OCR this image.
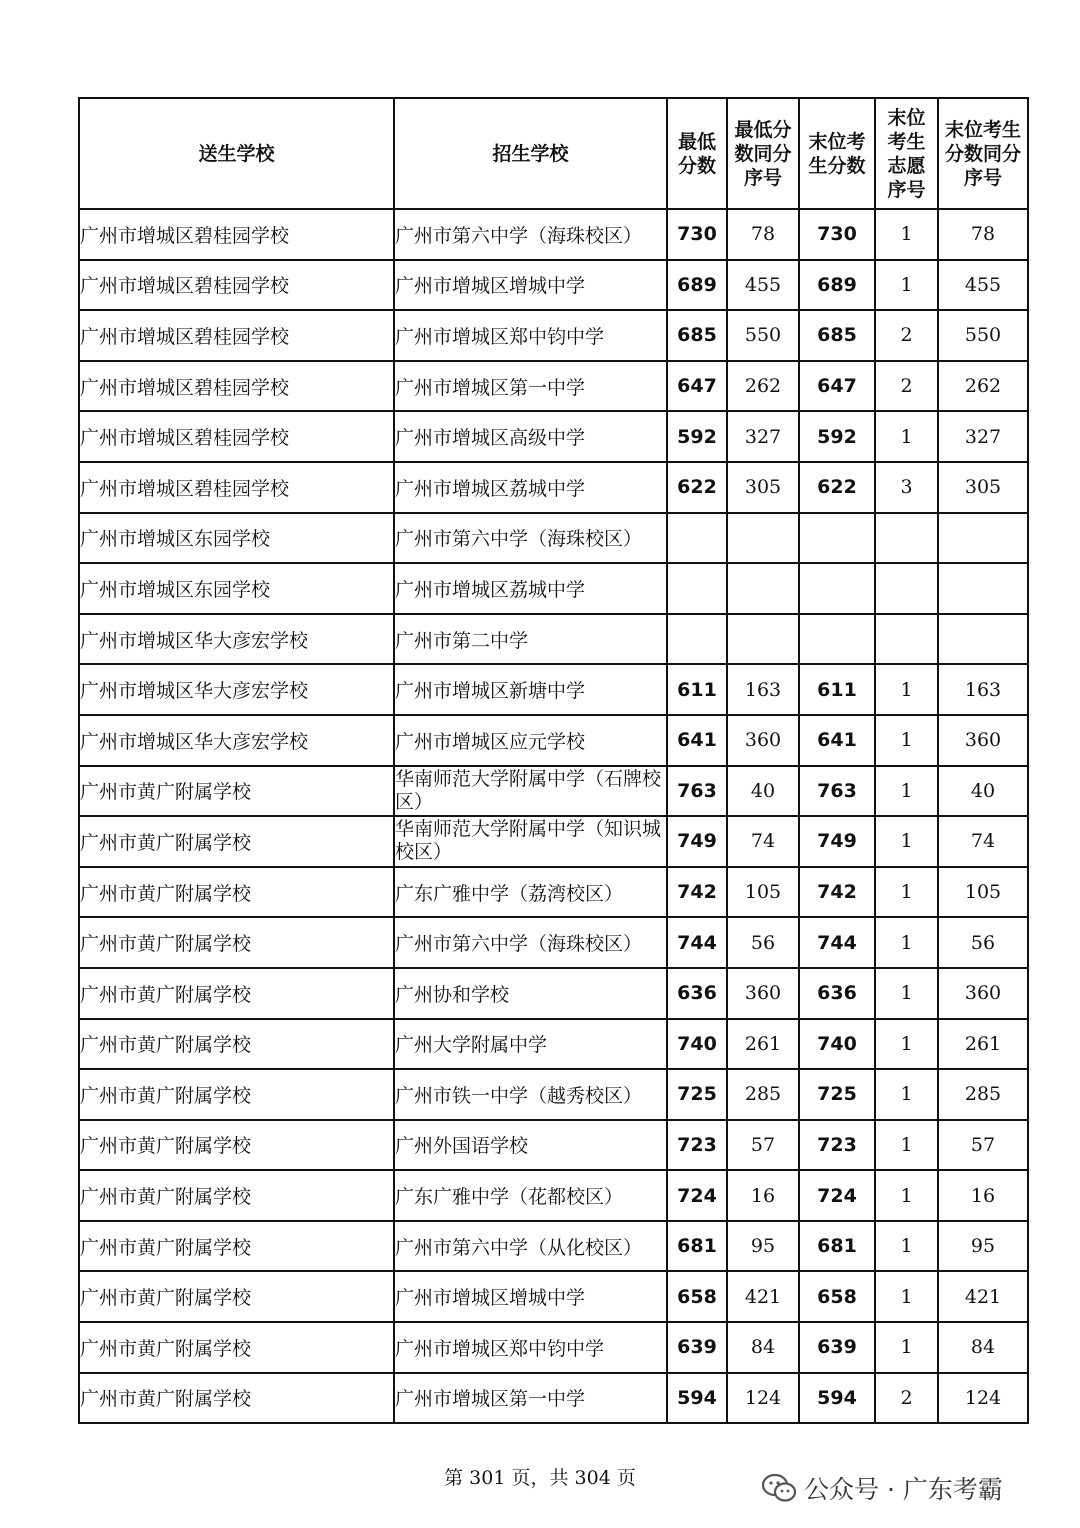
送生学校	招生学校	最低分数	最低分数同分序号	末位考生分数	末位考生志愿序号	末位考生分数同分序号

广州市增城区碧桂园学校	广州市第六中学（海珠校区）	730	78	730	1	78
广州市增城区碧桂园学校	广州市增城区增城中学	689	455	689	1	455
广州市增城区碧桂园学校	广州市增城区郑中钧中学	685	550	685	2	550
广州市增城区碧桂园学校	广州市增城区第一中学	647	262	647	2	262
广州市增城区碧桂园学校	广州市增城区高级中学	592	327	592	1	327
广州市增城区碧桂园学校	广州市增城区荔城中学	622	305	622	3	305
广州市增城区东园学校	广州市第六中学（海珠校区）					
广州市增城区东园学校	广州市增城区荔城中学					
广州市增城区华大彦宏学校	广州市第二中学					
广州市增城区华大彦宏学校	广州市增城区新塘中学	611	163	611	1	163
广州市增城区华大彦宏学校	广州市增城区应元学校	641	360	641	1	360
广州市黄广附属学校	华南师范大学附属中学（石牌校区）	763	40	763	1	40
广州市黄广附属学校	华南师范大学附属中学（知识城校区）	749	74	749	1	74
广州市黄广附属学校	广东广雅中学（荔湾校区）	742	105	742	1	105
广州市黄广附属学校	广州市第六中学（海珠校区）	744	56	744	1	56
广州市黄广附属学校	广州协和学校	636	360	636	1	360
广州市黄广附属学校	广州大学附属中学	740	261	740	1	261
广州市黄广附属学校	广州市铁一中学（越秀校区）	725	285	725	1	285
广州市黄广附属学校	广州外国语学校	723	57	723	1	57
广州市黄广附属学校	广东广雅中学（花都校区）	724	16	724	1	16
广州市黄广附属学校	广州市第六中学（从化校区）	681	95	681	1	95
广州市黄广附属学校	广州市增城区增城中学	658	421	658	1	421
广州市黄广附属学校	广州市增城区郑中钧中学	639	84	639	1	84
广州市黄广附属学校	广州市增城区第一中学	594	124	594	2	124
第 301 页，共 304 页	公众号 · 广东考霸
